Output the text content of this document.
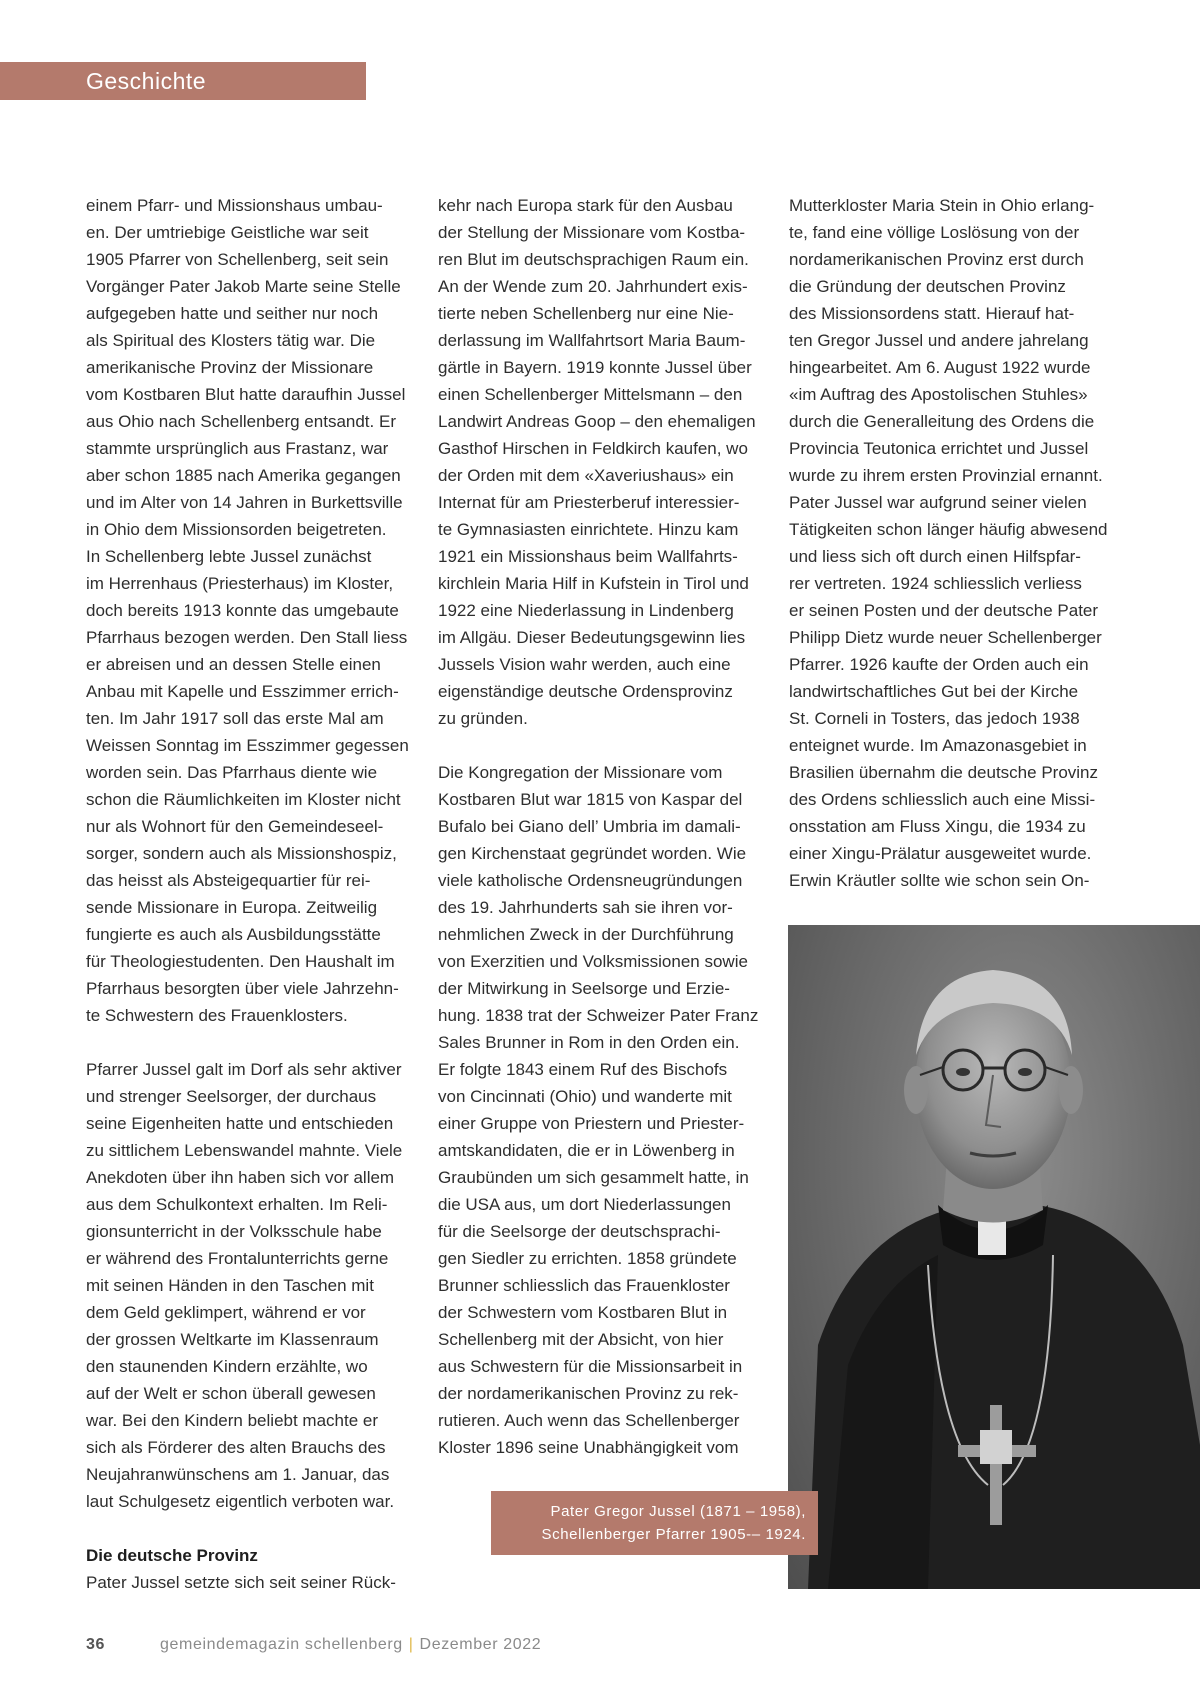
Geschichte

einem Pfarr- und Missionshaus umbau-
en. Der umtriebige Geistliche war seit
1905 Pfarrer von Schellenberg, seit sein
Vorgänger Pater Jakob Marte seine Stelle
aufgegeben hatte und seither nur noch
als Spiritual des Klosters tätig war. Die
amerikanische Provinz der Missionare
vom Kostbaren Blut hatte daraufhin Jussel
aus Ohio nach Schellenberg entsandt. Er
stammte ursprünglich aus Frastanz, war
aber schon 1885 nach Amerika gegangen
und im Alter von 14 Jahren in Burkettsville
in Ohio dem Missionsorden beigetreten.
In Schellenberg lebte Jussel zunächst
im Herrenhaus (Priesterhaus) im Kloster,
doch bereits 1913 konnte das umgebaute
Pfarrhaus bezogen werden. Den Stall liess
er abreisen und an dessen Stelle einen
Anbau mit Kapelle und Esszimmer errich-
ten. Im Jahr 1917 soll das erste Mal am
Weissen Sonntag im Esszimmer gegessen
worden sein. Das Pfarrhaus diente wie
schon die Räumlichkeiten im Kloster nicht
nur als Wohnort für den Gemeindeseel-
sorger, sondern auch als Missionshospiz,
das heisst als Absteigequartier für rei-
sende Missionare in Europa. Zeitweilig
fungierte es auch als Ausbildungsstätte
für Theologiestudenten. Den Haushalt im
Pfarrhaus besorgten über viele Jahrzehn-
te Schwestern des Frauenklosters.

Pfarrer Jussel galt im Dorf als sehr aktiver
und strenger Seelsorger, der durchaus
seine Eigenheiten hatte und entschieden
zu sittlichem Lebenswandel mahnte. Viele
Anekdoten über ihn haben sich vor allem
aus dem Schulkontext erhalten. Im Reli-
gionsunterricht in der Volksschule habe
er während des Frontalunterrichts gerne
mit seinen Händen in den Taschen mit
dem Geld geklimpert, während er vor
der grossen Weltkarte im Klassenraum
den staunenden Kindern erzählte, wo
auf der Welt er schon überall gewesen
war. Bei den Kindern beliebt machte er
sich als Förderer des alten Brauchs des
Neujahranwünschens am 1. Januar, das
laut Schulgesetz eigentlich verboten war.

Die deutsche Provinz

Pater Jussel setzte sich seit seiner Rück-

kehr nach Europa stark für den Ausbau
der Stellung der Missionare vom Kostba-
ren Blut im deutschsprachigen Raum ein.
An der Wende zum 20. Jahrhundert exis-
tierte neben Schellenberg nur eine Nie-
derlassung im Wallfahrtsort Maria Baum-
gärtle in Bayern. 1919 konnte Jussel über
einen Schellenberger Mittelsmann – den
Landwirt Andreas Goop – den ehemaligen
Gasthof Hirschen in Feldkirch kaufen, wo
der Orden mit dem «Xaveriushaus» ein
Internat für am Priesterberuf interessier-
te Gymnasiasten einrichtete. Hinzu kam
1921 ein Missionshaus beim Wallfahrts-
kirchlein Maria Hilf in Kufstein in Tirol und
1922 eine Niederlassung in Lindenberg
im Allgäu. Dieser Bedeutungsgewinn lies
Jussels Vision wahr werden, auch eine
eigenständige deutsche Ordensprovinz
zu gründen.

Die Kongregation der Missionare vom
Kostbaren Blut war 1815 von Kaspar del
Bufalo bei Giano dell’ Umbria im damali-
gen Kirchenstaat gegründet worden. Wie
viele katholische Ordensneugründungen
des 19. Jahrhunderts sah sie ihren vor-
nehmlichen Zweck in der Durchführung
von Exerzitien und Volksmissionen sowie
der Mitwirkung in Seelsorge und Erzie-
hung. 1838 trat der Schweizer Pater Franz
Sales Brunner in Rom in den Orden ein.
Er folgte 1843 einem Ruf des Bischofs
von Cincinnati (Ohio) und wanderte mit
einer Gruppe von Priestern und Priester-
amtskandidaten, die er in Löwenberg in
Graubünden um sich gesammelt hatte, in
die USA aus, um dort Niederlassungen
für die Seelsorge der deutschsprachi-
gen Siedler zu errichten. 1858 gründete
Brunner schliesslich das Frauenkloster
der Schwestern vom Kostbaren Blut in
Schellenberg mit der Absicht, von hier
aus Schwestern für die Missionsarbeit in
der nordamerikanischen Provinz zu rek-
rutieren. Auch wenn das Schellenberger
Kloster 1896 seine Unabhängigkeit vom

Mutterkloster Maria Stein in Ohio erlang-
te, fand eine völlige Loslösung von der
nordamerikanischen Provinz erst durch
die Gründung der deutschen Provinz
des Missionsordens statt. Hierauf hat-
ten Gregor Jussel und andere jahrelang
hingearbeitet. Am 6. August 1922 wurde
«im Auftrag des Apostolischen Stuhles»
durch die Generalleitung des Ordens die
Provincia Teutonica errichtet und Jussel
wurde zu ihrem ersten Provinzial ernannt.
Pater Jussel war aufgrund seiner vielen
Tätigkeiten schon länger häufig abwesend
und liess sich oft durch einen Hilfspfar-
rer vertreten. 1924 schliesslich verliess
er seinen Posten und der deutsche Pater
Philipp Dietz wurde neuer Schellenberger
Pfarrer. 1926 kaufte der Orden auch ein
landwirtschaftliches Gut bei der Kirche
St. Corneli in Tosters, das jedoch 1938
enteignet wurde. Im Amazonasgebiet in
Brasilien übernahm die deutsche Provinz
des Ordens schliesslich auch eine Missi-
onsstation am Fluss Xingu, die 1934 zu
einer Xingu-Prälatur ausgeweitet wurde.
Erwin Kräutler sollte wie schon sein On-

Pater Gregor Jussel (1871 – 1958),
Schellenberger Pfarrer 1905-– 1924.
36	gemeindemagazin schellenberg | Dezember 2022
